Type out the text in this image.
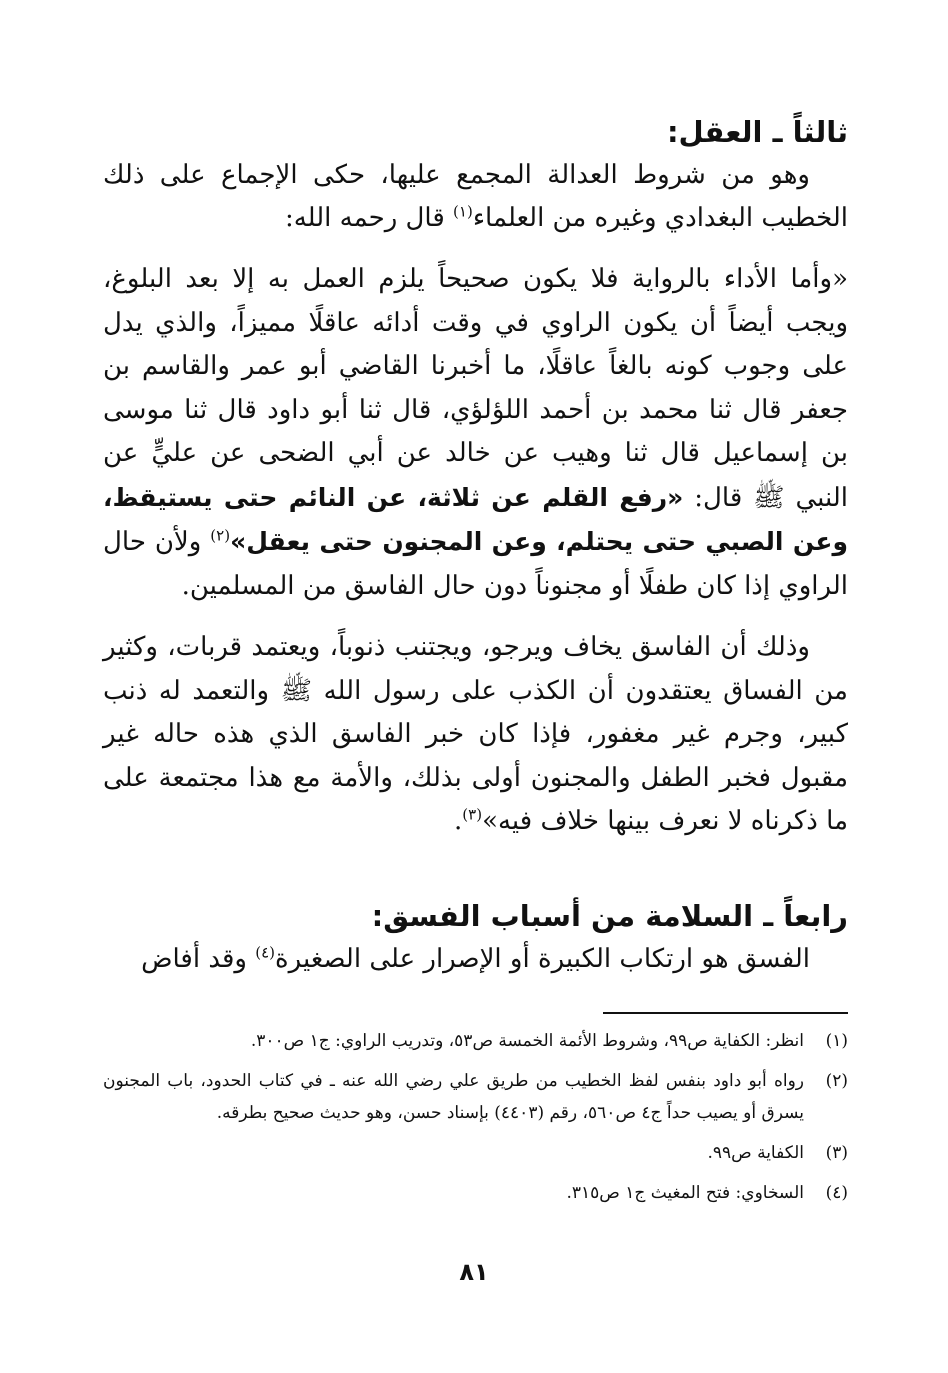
ثالثاً ـ العقل:

وهو من شروط العدالة المجمع عليها، حكى الإجماع على ذلك الخطيب البغدادي وغيره من العلماء$^{(١)}$ قال رحمه الله:

«وأما الأداء بالرواية فلا يكون صحيحاً يلزم العمل به إلا بعد البلوغ، ويجب أيضاً أن يكون الراوي في وقت أدائه عاقلًا مميزاً، والذي يدل على وجوب كونه بالغاً عاقلًا، ما أخبرنا القاضي أبو عمر والقاسم بن جعفر قال ثنا محمد بن أحمد اللؤلؤي، قال ثنا أبو داود قال ثنا موسى بن إسماعيل قال ثنا وهيب عن خالد عن أبي الضحى عن عليٍّ عن النبي ﷺ قال: «رفع القلم عن ثلاثة، عن النائم حتى يستيقظ، وعن الصبي حتى يحتلم، وعن المجنون حتى يعقل»$^{(٢)}$ ولأن حال الراوي إذا كان طفلًا أو مجنوناً دون حال الفاسق من المسلمين.

وذلك أن الفاسق يخاف ويرجو، ويجتنب ذنوباً، ويعتمد قربات، وكثير من الفساق يعتقدون أن الكذب على رسول الله ﷺ والتعمد له ذنب كبير، وجرم غير مغفور، فإذا كان خبر الفاسق الذي هذه حاله غير مقبول فخبر الطفل والمجنون أولى بذلك، والأمة مع هذا مجتمعة على ما ذكرناه لا نعرف بينها خلاف فيه»$^{(٣)}$.

رابعاً ـ السلامة من أسباب الفسق:

الفسق هو ارتكاب الكبيرة أو الإصرار على الصغيرة$^{(٤)}$ وقد أفاض

(١)
انظر: الكفاية ص٩٩، وشروط الأئمة الخمسة ص٥٣، وتدريب الراوي: ج١ ص٣٠٠.
(٢)
رواه أبو داود بنفس لفظ الخطيب من طريق علي رضي الله عنه ـ في كتاب الحدود، باب المجنون يسرق أو يصيب حداً ج٤ ص٥٦٠، رقم (٤٤٠٣) بإسناد حسن، وهو حديث صحيح بطرقه.
(٣)
الكفاية ص٩٩.
(٤)
السخاوي: فتح المغيث ج١ ص٣١٥.
٨١
